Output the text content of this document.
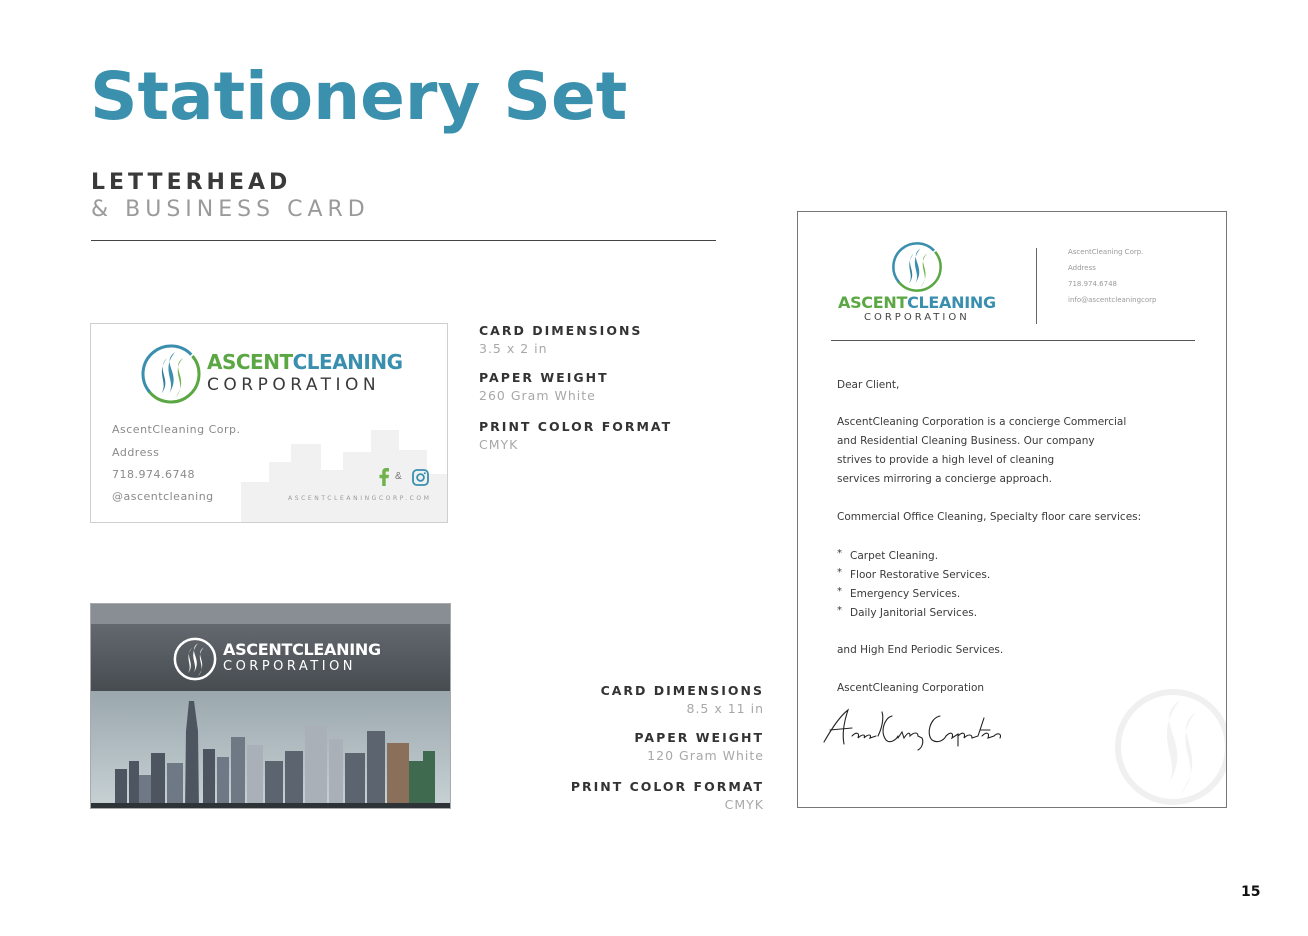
Stationery Set
LETTERHEAD
& BUSINESS CARD
ASCENTCLEANING
CORPORATION
AscentCleaning Corp.
Address
718.974.6748
@ascentcleaning
&
ASCENTCLEANINGCORP.COM
CARD DIMENSIONS
3.5 x 2 in
PAPER WEIGHT
260 Gram White
PRINT COLOR FORMAT
CMYK
ASCENTCLEANING
CORPORATION
CARD DIMENSIONS
8.5 x 11 in
PAPER WEIGHT
120 Gram White
PRINT COLOR FORMAT
CMYK
ASCENTCLEANING
CORPORATION
AscentCleaning Corp.
Address
718.974.6748
info@ascentcleaningcorp
Dear Client,
AscentCleaning Corporation is a concierge Commercial
and Residential Cleaning Business. Our company
strives to provide a high level of cleaning
services mirroring a concierge approach.
Commercial Office Cleaning, Specialty floor care services:
* Carpet Cleaning.
* Floor Restorative Services.
* Emergency Services.
* Daily Janitorial Services.
and High End Periodic Services.
AscentCleaning Corporation
15
